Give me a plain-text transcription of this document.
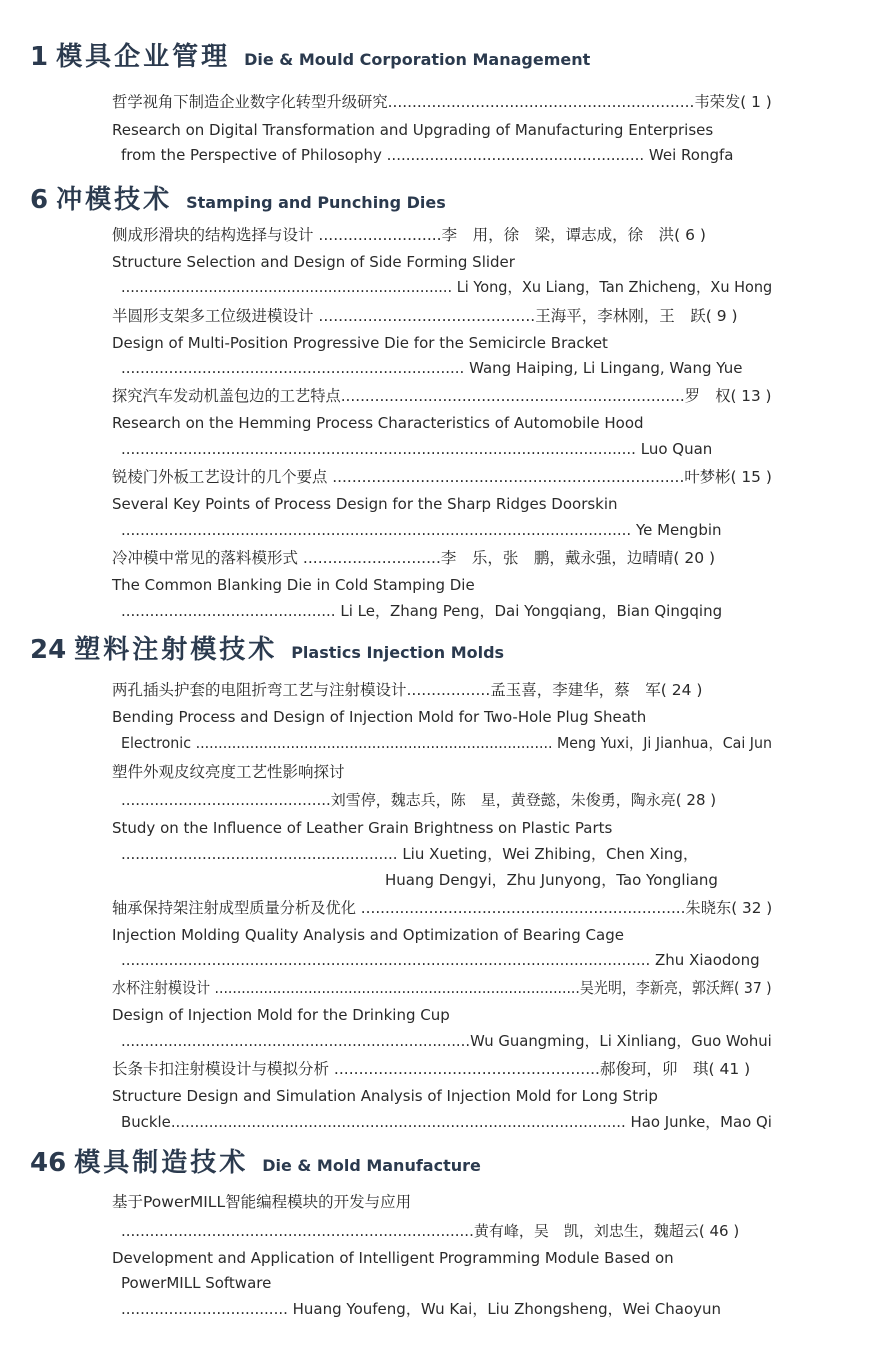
1 模具企业管理 Die & Mould Corporation Management
6 冲模技术 Stamping and Punching Dies
24 塑料注射模技术 Plastics Injection Molds
46 模具制造技术 Die & Mold Manufacture
哲学视角下制造企业数字化转型升级研究...............................................................韦荣发( 1 )
Research on Digital Transformation and Upgrading of Manufacturing Enterprises
from the Perspective of Philosophy ...................................................... Wei Rongfa
侧成形滑块的结构选择与设计 .........................李　用，徐　梁，谭志成，徐　洪( 6 )
Structure Selection and Design of Side Forming Slider
........................................................................ Li Yong，Xu Liang，Tan Zhicheng，Xu Hong
半圆形支架多工位级进模设计 ............................................王海平，李林刚，王　跃( 9 )
Design of Multi-Position Progressive Die for the Semicircle Bracket
........................................................................ Wang Haiping, Li Lingang, Wang Yue
探究汽车发动机盖包边的工艺特点.......................................................................罗　权( 13 )
Research on the Hemming Process Characteristics of Automobile Hood
............................................................................................................ Luo Quan
锐棱门外板工艺设计的几个要点 ........................................................................叶梦彬( 15 )
Several Key Points of Process Design for the Sharp Ridges Doorskin
........................................................................................................... Ye Mengbin
冷冲模中常见的落料模形式 ............................李　乐，张　鹏，戴永强，边晴晴( 20 )
The Common Blanking Die in Cold Stamping Die
............................................. Li Le，Zhang Peng，Dai Yongqiang，Bian Qingqing
两孔插头护套的电阻折弯工艺与注射模设计.................孟玉喜，李建华，蔡　军( 24 )
Bending Process and Design of Injection Mold for Two-Hole Plug Sheath
Electronic ............................................................................... Meng Yuxi，Ji Jianhua，Cai Jun
塑件外观皮纹亮度工艺性影响探讨
............................................刘雪停，魏志兵，陈　星，黄登懿，朱俊勇，陶永亮( 28 )
Study on the Influence of Leather Grain Brightness on Plastic Parts
.......................................................... Liu Xueting，Wei Zhibing，Chen Xing，
Huang Dengyi，Zhu Junyong，Tao Yongliang
轴承保持架注射成型质量分析及优化 ...................................................................朱晓东( 32 )
Injection Molding Quality Analysis and Optimization of Bearing Cage
............................................................................................................... Zhu Xiaodong
水杯注射模设计 ..................................................................................吴光明，李新亮，郭沃辉( 37 )
Design of Injection Mold for the Drinking Cup
..........................................................................Wu Guangming，Li Xinliang，Guo Wohui
长条卡扣注射模设计与模拟分析 ......................................................郝俊珂，卯　琪( 41 )
Structure Design and Simulation Analysis of Injection Mold for Long Strip
Buckle................................................................................................ Hao Junke，Mao Qi
基于PowerMILL智能编程模块的开发与应用
..........................................................................黄有峰，吴　凯，刘忠生，魏超云( 46 )
Development and Application of Intelligent Programming Module Based on
PowerMILL Software
................................... Huang Youfeng，Wu Kai，Liu Zhongsheng，Wei Chaoyun
